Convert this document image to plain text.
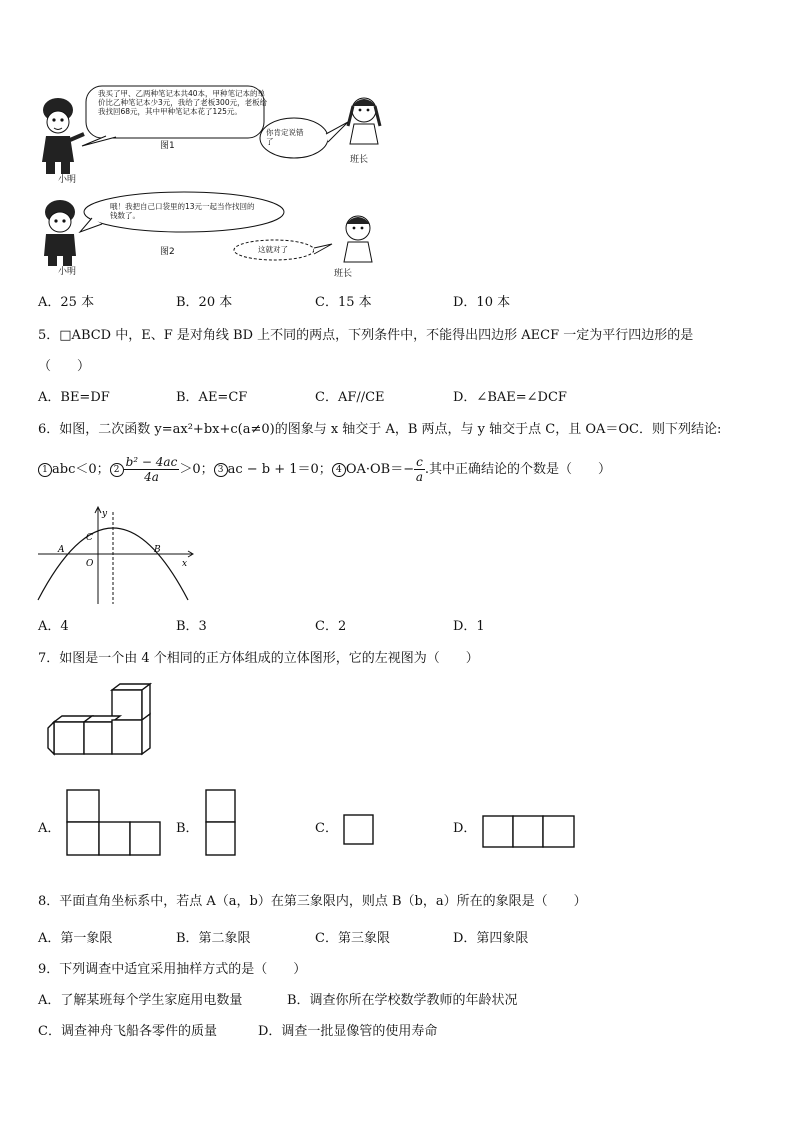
我买了甲、乙两种笔记本共40本，甲种笔记本的单价比乙种笔记本少3元，我给了老板300元，老板给我找回68元，其中甲种笔记本花了125元。
你肯定说错了
图1
小明
班长
哦！我把自己口袋里的13元一起当作找回的钱数了。
这就对了
图2
小明	班长
A．25 本	B．20 本	C．15 本	D．10 本
5．□ABCD 中，E、F 是对角线 BD 上不同的两点，下列条件中，不能得出四边形 AECF 一定为平行四边形的是
（　　）
A．BE=DF	B．AE=CF	C．AF//CE	D．∠BAE=∠DCF
6．如图，二次函数 y=ax²+bx+c(a≠0)的图象与 x 轴交于 A，B 两点，与 y 轴交于点 C，且 OA＝OC．则下列结论:
1 abc＜0； $2 \frac{\text{b² − 4ac}}{4a} >0$； 3 ac − b + 1＝0； 4 $OA\cdot OB=- \frac{c}{a}$ .其中正确结论的个数是（　　）
y
x
A	B
C
O
A．4	B．3	C．2	D．1
7．如图是一个由 4 个相同的正方体组成的立体图形，它的左视图为（　　）
A．	B．	C．	D．
8．平面直角坐标系中，若点 A（a，b）在第三象限内，则点 B（b，a）所在的象限是（　　）
A．第一象限	B．第二象限	C．第三象限	D．第四象限
9．下列调查中适宜采用抽样方式的是（　　）
A．了解某班每个学生家庭用电数量	B．调查你所在学校数学教师的年龄状况
C．调查神舟飞船各零件的质量	D．调查一批显像管的使用寿命
